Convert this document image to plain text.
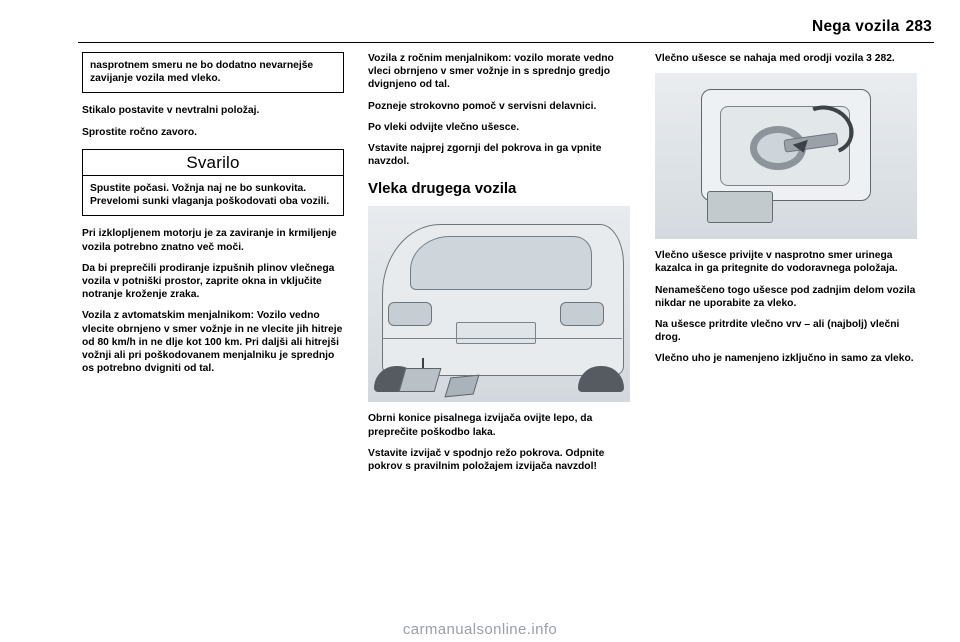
Nega vozila 283
nasprotnem smeru ne bo dodatno nevarnejše zavijanje vozila med vleko.

Stikalo postavite v nevtralni položaj.

Sprostite ročno zavoro.

Svarilo
Spustite počasi. Vožnja naj ne bo sunkovita. Prevelomi sunki vlaganja poškodovati oba vozili.

Pri izklopljenem motorju je za zaviranje in krmiljenje vozila potrebno znatno več moči.

Da bi preprečili prodiranje izpušnih plinov vlečnega vozila v potniški prostor, zaprite okna in vključite notranje kroženje zraka.

Vozila z avtomatskim menjalnikom: Vozilo vedno vlecite obrnjeno v smer vožnje in ne vlecite jih hitreje od 80 km/h in ne dlje kot 100 km. Pri daljši ali hitrejši vožnji ali pri poškodovanem menjalniku je sprednjo os potrebno dvigniti od tal.

Vozila z ročnim menjalnikom: vozilo morate vedno vleci obrnjeno v smer vožnje in s sprednjo gredjo dvignjeno od tal.

Pozneje strokovno pomoč v servisni delavnici.

Po vleki odvijte vlečno ušesce.

Vstavite najprej zgornji del pokrova in ga vpnite navzdol.

Vleka drugega vozila

Obrni konice pisalnega izvijača ovijte lepo, da preprečite poškodbo laka.

Vstavite izvijač v spodnjo režo pokrova. Odpnite pokrov s pravilnim položajem izvijača navzdol!

Vlečno ušesce se nahaja med orodji vozila 3 282.

Vlečno ušesce privijte v nasprotno smer urinega kazalca in ga pritegnite do vodoravnega položaja.

Nenameščeno togo ušesce pod zadnjim delom vozila nikdar ne uporabite za vleko.

Na ušesce pritrdite vlečno vrv – ali (najbolj) vlečni drog.

Vlečno uho je namenjeno izključno in samo za vleko.

carmanualsonline.info
